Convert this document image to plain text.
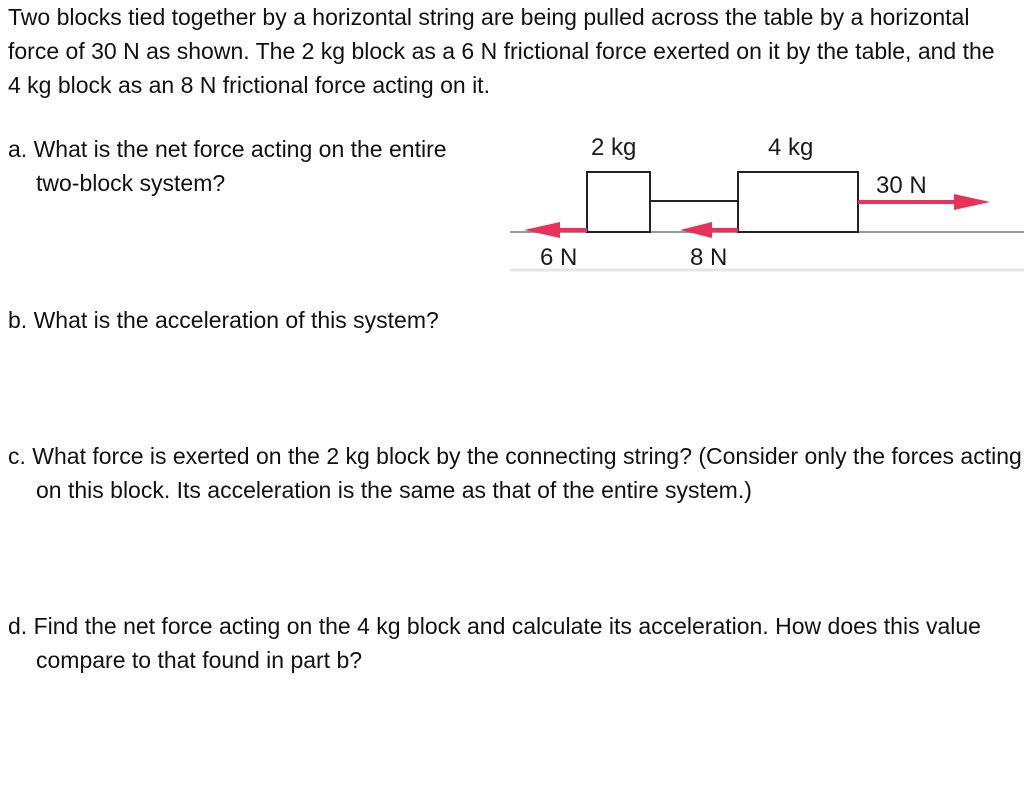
Two blocks tied together by a horizontal string are being pulled across the table by a horizontal force of 30 N as shown. The 2 kg block as a 6 N frictional force exerted on it by the table, and the 4 kg block as an 8 N frictional force acting on it.

a. What is the net force acting on the entire two-block system?

b. What is the acceleration of this system?

c. What force is exerted on the 2 kg block by the connecting string? (Consider only the forces acting on this block. Its acceleration is the same as that of the entire system.)

d. Find the net force acting on the 4 kg block and calculate its acceleration. How does this value compare to that found in part b?

2 kg	4 kg
30 N
6 N	8 N
